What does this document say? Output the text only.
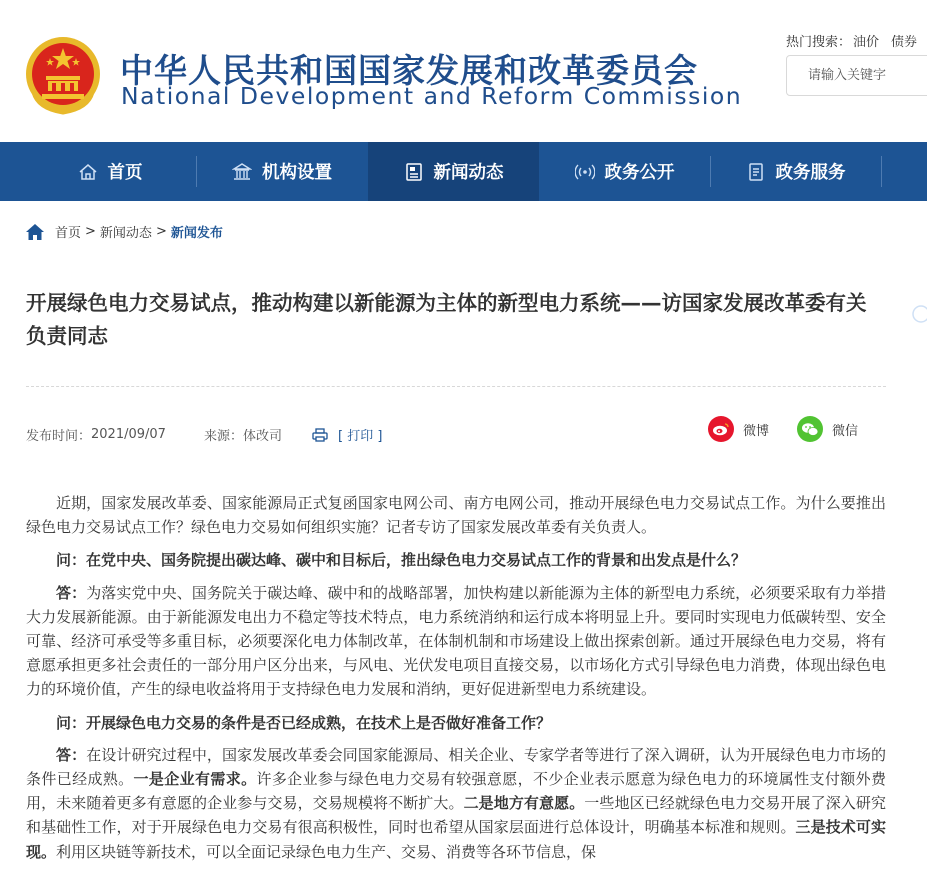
中华人民共和国国家发展和改革委员会
National Development and Reform Commission
热门搜索： 油价 债券
请输入关键字
首页	机构设置	新闻动态	政务公开	政务服务
首页 > 新闻动态 > 新闻发布
开展绿色电力交易试点，推动构建以新能源为主体的新型电力系统——访国家发展改革委有关负责同志
发布时间： 2021/09/07	来源： 体改司	[ 打印 ]	微博	微信

近期，国家发展改革委、国家能源局正式复函国家电网公司、南方电网公司，推动开展绿色电力交易试点工作。为什么要推出绿色电力交易试点工作？绿色电力交易如何组织实施？记者专访了国家发展改革委有关负责人。

问：在党中央、国务院提出碳达峰、碳中和目标后，推出绿色电力交易试点工作的背景和出发点是什么？

答：为落实党中央、国务院关于碳达峰、碳中和的战略部署，加快构建以新能源为主体的新型电力系统，必须要采取有力举措大力发展新能源。由于新能源发电出力不稳定等技术特点，电力系统消纳和运行成本将明显上升。要同时实现电力低碳转型、安全可靠、经济可承受等多重目标，必须要深化电力体制改革，在体制机制和市场建设上做出探索创新。通过开展绿色电力交易，将有意愿承担更多社会责任的一部分用户区分出来，与风电、光伏发电项目直接交易，以市场化方式引导绿色电力消费，体现出绿色电力的环境价值，产生的绿电收益将用于支持绿色电力发展和消纳，更好促进新型电力系统建设。

问：开展绿色电力交易的条件是否已经成熟，在技术上是否做好准备工作？

答：在设计研究过程中，国家发展改革委会同国家能源局、相关企业、专家学者等进行了深入调研，认为开展绿色电力市场的条件已经成熟。一是企业有需求。许多企业参与绿色电力交易有较强意愿，不少企业表示愿意为绿色电力的环境属性支付额外费用，未来随着更多有意愿的企业参与交易，交易规模将不断扩大。二是地方有意愿。一些地区已经就绿色电力交易开展了深入研究和基础性工作，对于开展绿色电力交易有很高积极性，同时也希望从国家层面进行总体设计，明确基本标准和规则。三是技术可实现。利用区块链等新技术，可以全面记录绿色电力生产、交易、消费等各环节信息，保
